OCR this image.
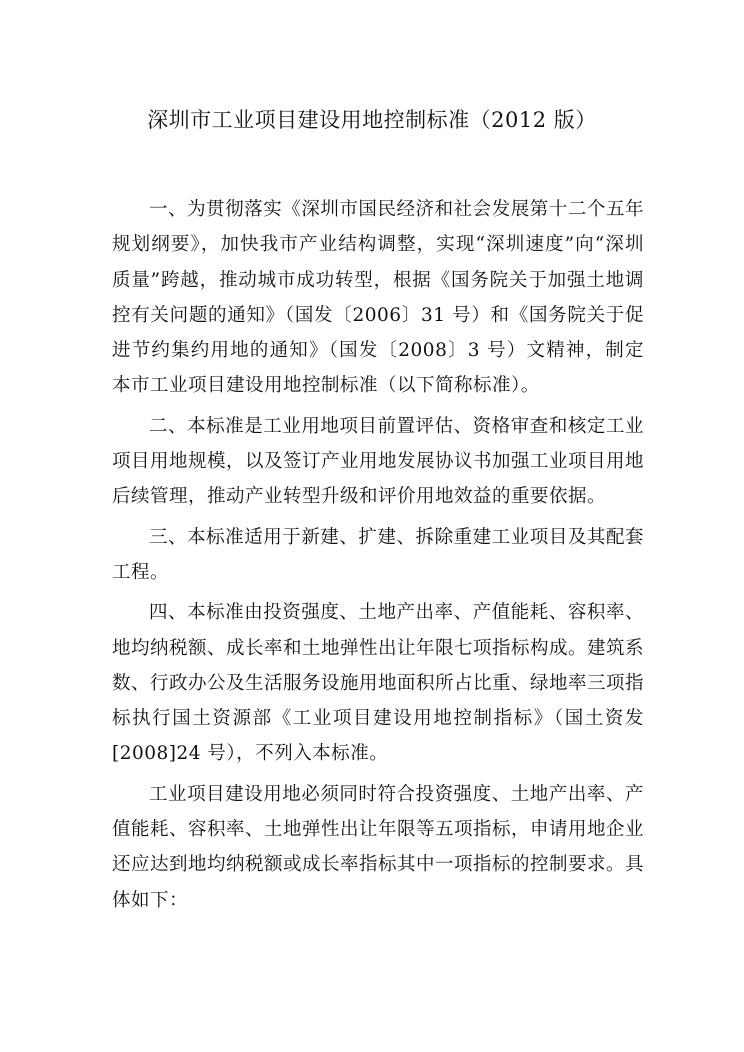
深圳市工业项目建设用地控制标准（2012 版）

一、为贯彻落实《深圳市国民经济和社会发展第十二个五年规划纲要》，加快我市产业结构调整，实现“深圳速度”向“深圳质量”跨越，推动城市成功转型，根据《国务院关于加强土地调控有关问题的通知》（国发〔2006〕31 号）和《国务院关于促进节约集约用地的通知》（国发〔2008〕3 号）文精神，制定本市工业项目建设用地控制标准（以下简称标准）。

二、本标准是工业用地项目前置评估、资格审查和核定工业项目用地规模，以及签订产业用地发展协议书加强工业项目用地后续管理，推动产业转型升级和评价用地效益的重要依据。

三、本标准适用于新建、扩建、拆除重建工业项目及其配套工程。

四、本标准由投资强度、土地产出率、产值能耗、容积率、地均纳税额、成长率和土地弹性出让年限七项指标构成。建筑系数、行政办公及生活服务设施用地面积所占比重、绿地率三项指标执行国土资源部《工业项目建设用地控制指标》（国土资发[2008]24 号），不列入本标准。

工业项目建设用地必须同时符合投资强度、土地产出率、产值能耗、容积率、土地弹性出让年限等五项指标，申请用地企业还应达到地均纳税额或成长率指标其中一项指标的控制要求。具体如下：
